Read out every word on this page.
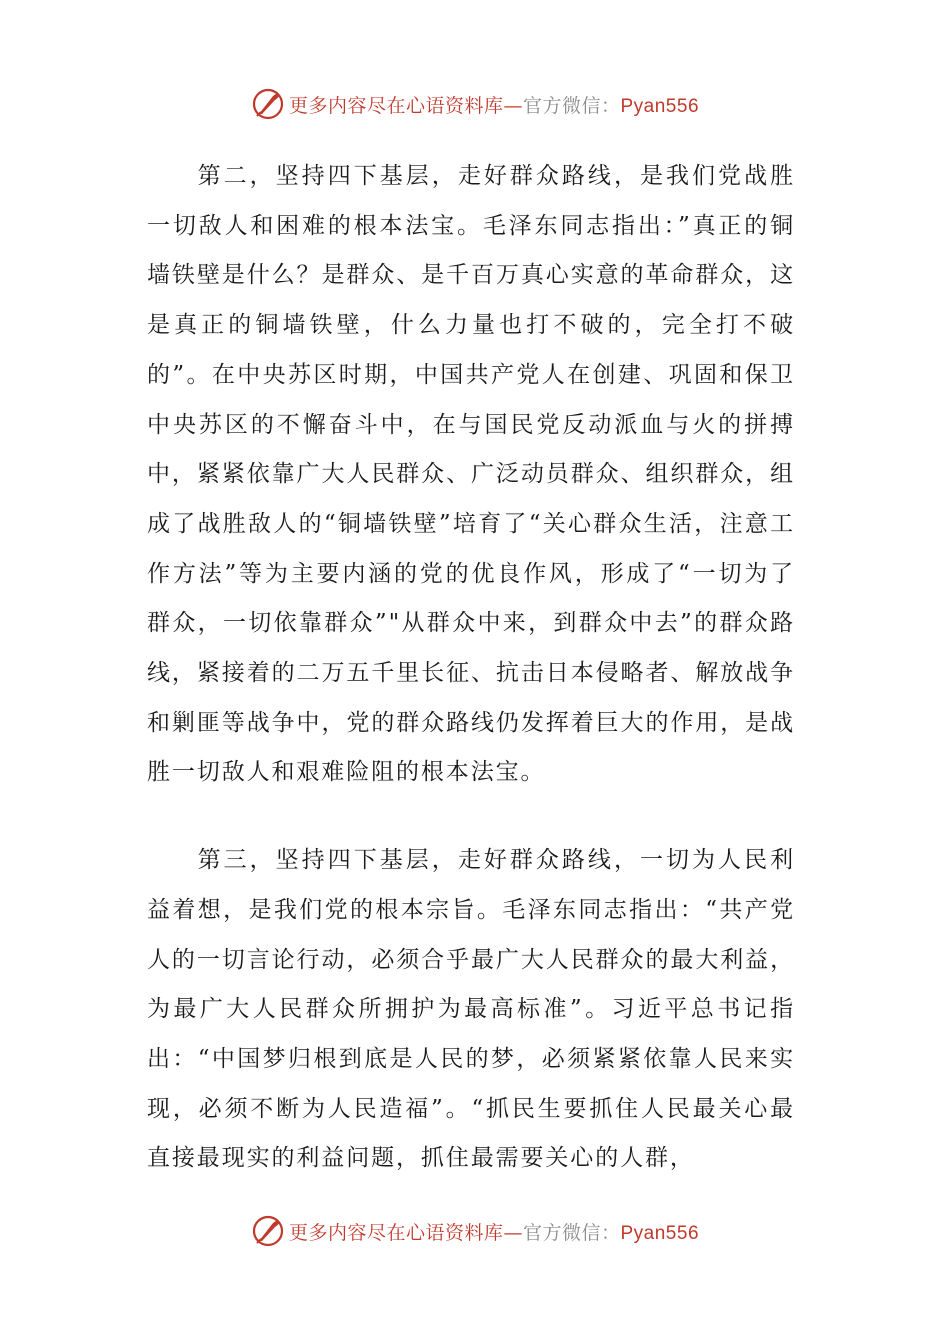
更多内容尽在心语资料库—官方微信：Pyan556

第二，坚持四下基层，走好群众路线，是我们党战胜一切敌人和困难的根本法宝。毛泽东同志指出：”真正的铜墙铁壁是什么？是群众、是千百万真心实意的革命群众，这是真正的铜墙铁壁，什么力量也打不破的，完全打不破的”。在中央苏区时期，中国共产党人在创建、巩固和保卫中央苏区的不懈奋斗中，在与国民党反动派血与火的拼搏中，紧紧依靠广大人民群众、广泛动员群众、组织群众，组成了战胜敌人的“铜墙铁壁”培育了“关心群众生活，注意工作方法”等为主要内涵的党的优良作风，形成了“一切为了群众，一切依靠群众”"从群众中来，到群众中去”的群众路线，紧接着的二万五千里长征、抗击日本侵略者、解放战争和剿匪等战争中，党的群众路线仍发挥着巨大的作用，是战胜一切敌人和艰难险阻的根本法宝。

第三，坚持四下基层，走好群众路线，一切为人民利益着想，是我们党的根本宗旨。毛泽东同志指出：“共产党人的一切言论行动，必须合乎最广大人民群众的最大利益，为最广大人民群众所拥护为最高标准”。习近平总书记指出：“中国梦归根到底是人民的梦，必须紧紧依靠人民来实现，必须不断为人民造福”。“抓民生要抓住人民最关心最直接最现实的利益问题，抓住最需要关心的人群，

更多内容尽在心语资料库—官方微信：Pyan556
